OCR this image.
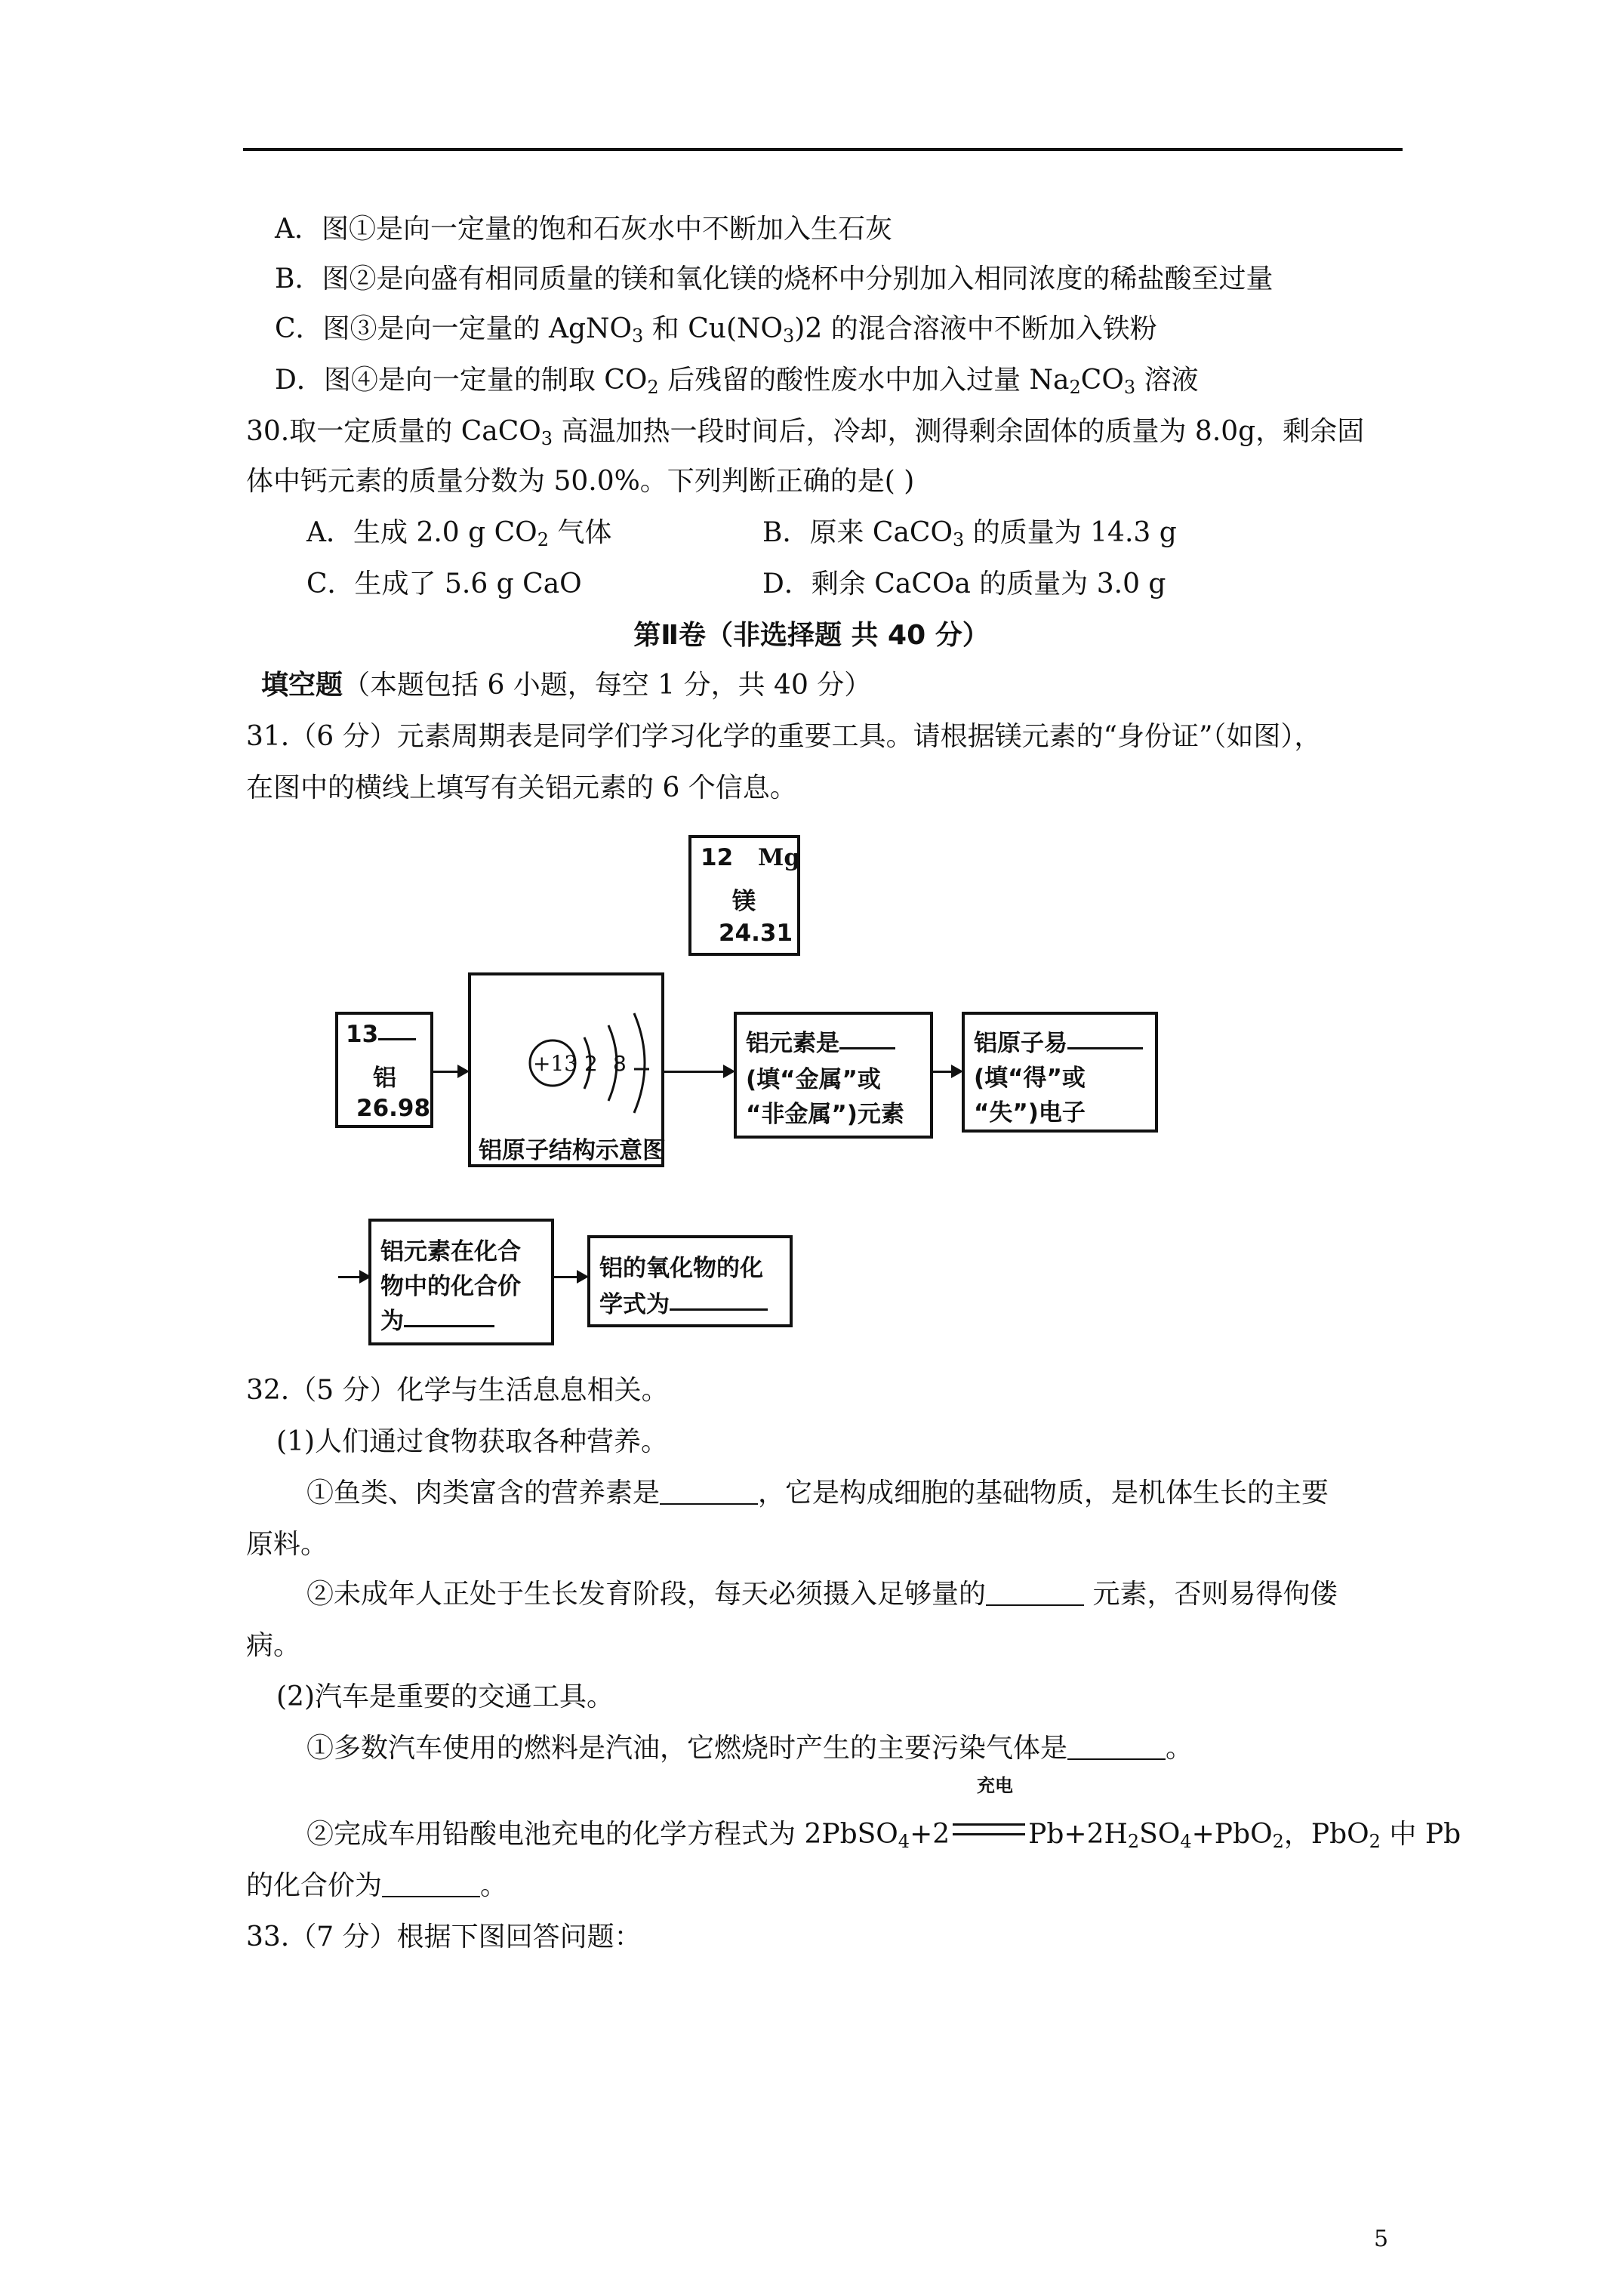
A．图①是向一定量的饱和石灰水中不断加入生石灰
B．图②是向盛有相同质量的镁和氧化镁的烧杯中分别加入相同浓度的稀盐酸至过量
C．图③是向一定量的 AgNO$_3$ 和 $Cu(NO_3)2$ 的混合溶液中不断加入铁粉
D．图④是向一定量的制取 $CO_2$ 后残留的酸性废水中加入过量 $Na_2CO_3$ 溶液
30.取一定质量的 CaCO$_3$ 高温加热一段时间后，冷却，测得剩余固体的质量为 8.0g，剩余固
体中钙元素的质量分数为 50.0%。下列判断正确的是( )
A．生成 2.0 g $CO_2$ 气体	B．原来 CaCO$_3$ 的质量为 14.3 g
C．生成了 5.6 g CaO	D．剩余 CaCOa 的质量为 3.0 g
第Ⅱ卷（非选择题 共 40 分）
填空题（本题包括 6 小题，每空 1 分，共 40 分）
31.（6 分）元素周期表是同学们学习化学的重要工具。请根据镁元素的“身份证”（如图），
在图中的横线上填写有关铝元素的 6 个信息。
12 Mg
镁
24.31
13
铝
26.98
+13 2 8
铝原子结构示意图
铝元素是
(填“金属”或
“非金属”)元素
铝原子易
(填“得”或
“失”)电子
铝元素在化合
物中的化合价
为
铝的氧化物的化
学式为
32.（5 分）化学与生活息息相关。
(1)人们通过食物获取各种营养。
①鱼类、肉类富含的营养素是	，它是构成细胞的基础物质，是机体生长的主要
原料。
②未成年人正处于生长发育阶段，每天必须摄入足够量的	元素，否则易得佝偻
病。
(2)汽车是重要的交通工具。
①多数汽车使用的燃料是汽油，它燃烧时产生的主要污染气体是	。
充电
②完成车用铅酸电池充电的化学方程式为 2PbSO$_4$+2	$Pb+2H_2SO_4+PbO_2$，PbO$_2$ 中 Pb
的化合价为	。
33.（7 分）根据下图回答问题：
5
